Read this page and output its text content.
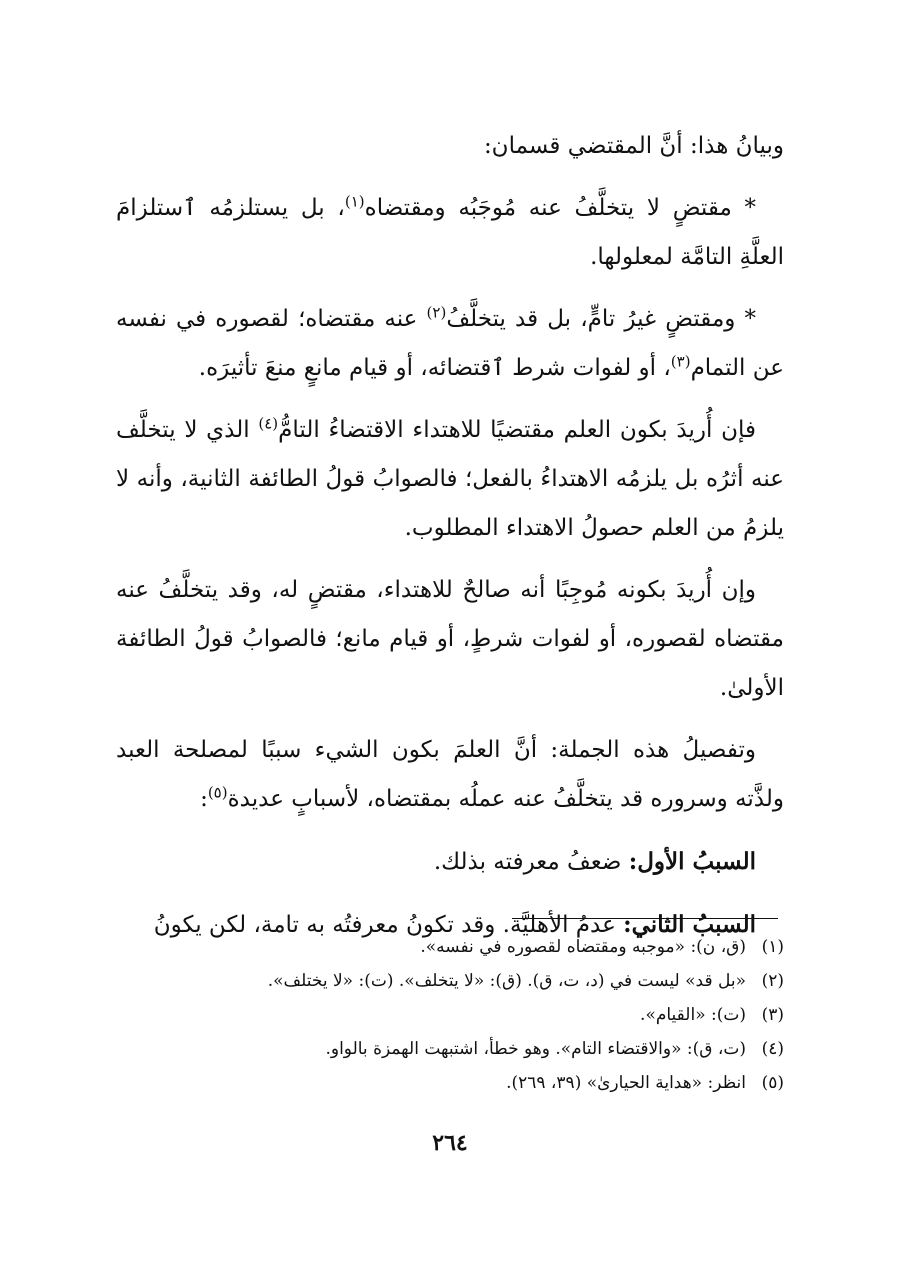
وبيانُ هذا: أنَّ المقتضي قسمان:

* مقتضٍ لا يتخلَّفُ عنه مُوجَبُه ومقتضاه$^{(١)}$، بل يستلزمُه ٱستلزامَ العلَّةِ التامَّة لمعلولها.

* ومقتضٍ غيرُ تامٍّ، بل قد يتخلَّفُ$^{(٢)}$ عنه مقتضاه؛ لقصوره في نفسه عن التمام$^{(٣)}$، أو لفوات شرط ٱقتضائه، أو قيام مانعٍ منعَ تأثيرَه.

فإن أُريدَ بكون العلم مقتضيًا للاهتداء الاقتضاءُ التامُّ$^{(٤)}$ الذي لا يتخلَّف عنه أثرُه بل يلزمُه الاهتداءُ بالفعل؛ فالصوابُ قولُ الطائفة الثانية، وأنه لا يلزمُ من العلم حصولُ الاهتداء المطلوب.

وإن أُريدَ بكونه مُوجِبًا أنه صالحٌ للاهتداء، مقتضٍ له، وقد يتخلَّفُ عنه مقتضاه لقصوره، أو لفوات شرطٍ، أو قيام مانع؛ فالصوابُ قولُ الطائفة الأولىٰ.

وتفصيلُ هذه الجملة: أنَّ العلمَ بكون الشيء سببًا لمصلحة العبد ولذَّته وسروره قد يتخلَّفُ عنه عملُه بمقتضاه، لأسبابٍ عديدة$^{(٥)}$:

السببُ الأول: ضعفُ معرفته بذلك.

السببُ الثاني: عدمُ الأهليَّة. وقد تكونُ معرفتُه به تامة، لكن يكونُ

(١)(ق، ن): «موجبه ومقتضاه لقصوره في نفسه».
(٢)«بل قد» ليست في (د، ت، ق). (ق): «لا يتخلف». (ت): «لا يختلف».
(٣)(ت): «القيام».
(٤)(ت، ق): «والاقتضاء التام». وهو خطأ، اشتبهت الهمزة بالواو.
(٥)انظر: «هداية الحيارىٰ» (٣٩، ٢٦٩).
٢٦٤
